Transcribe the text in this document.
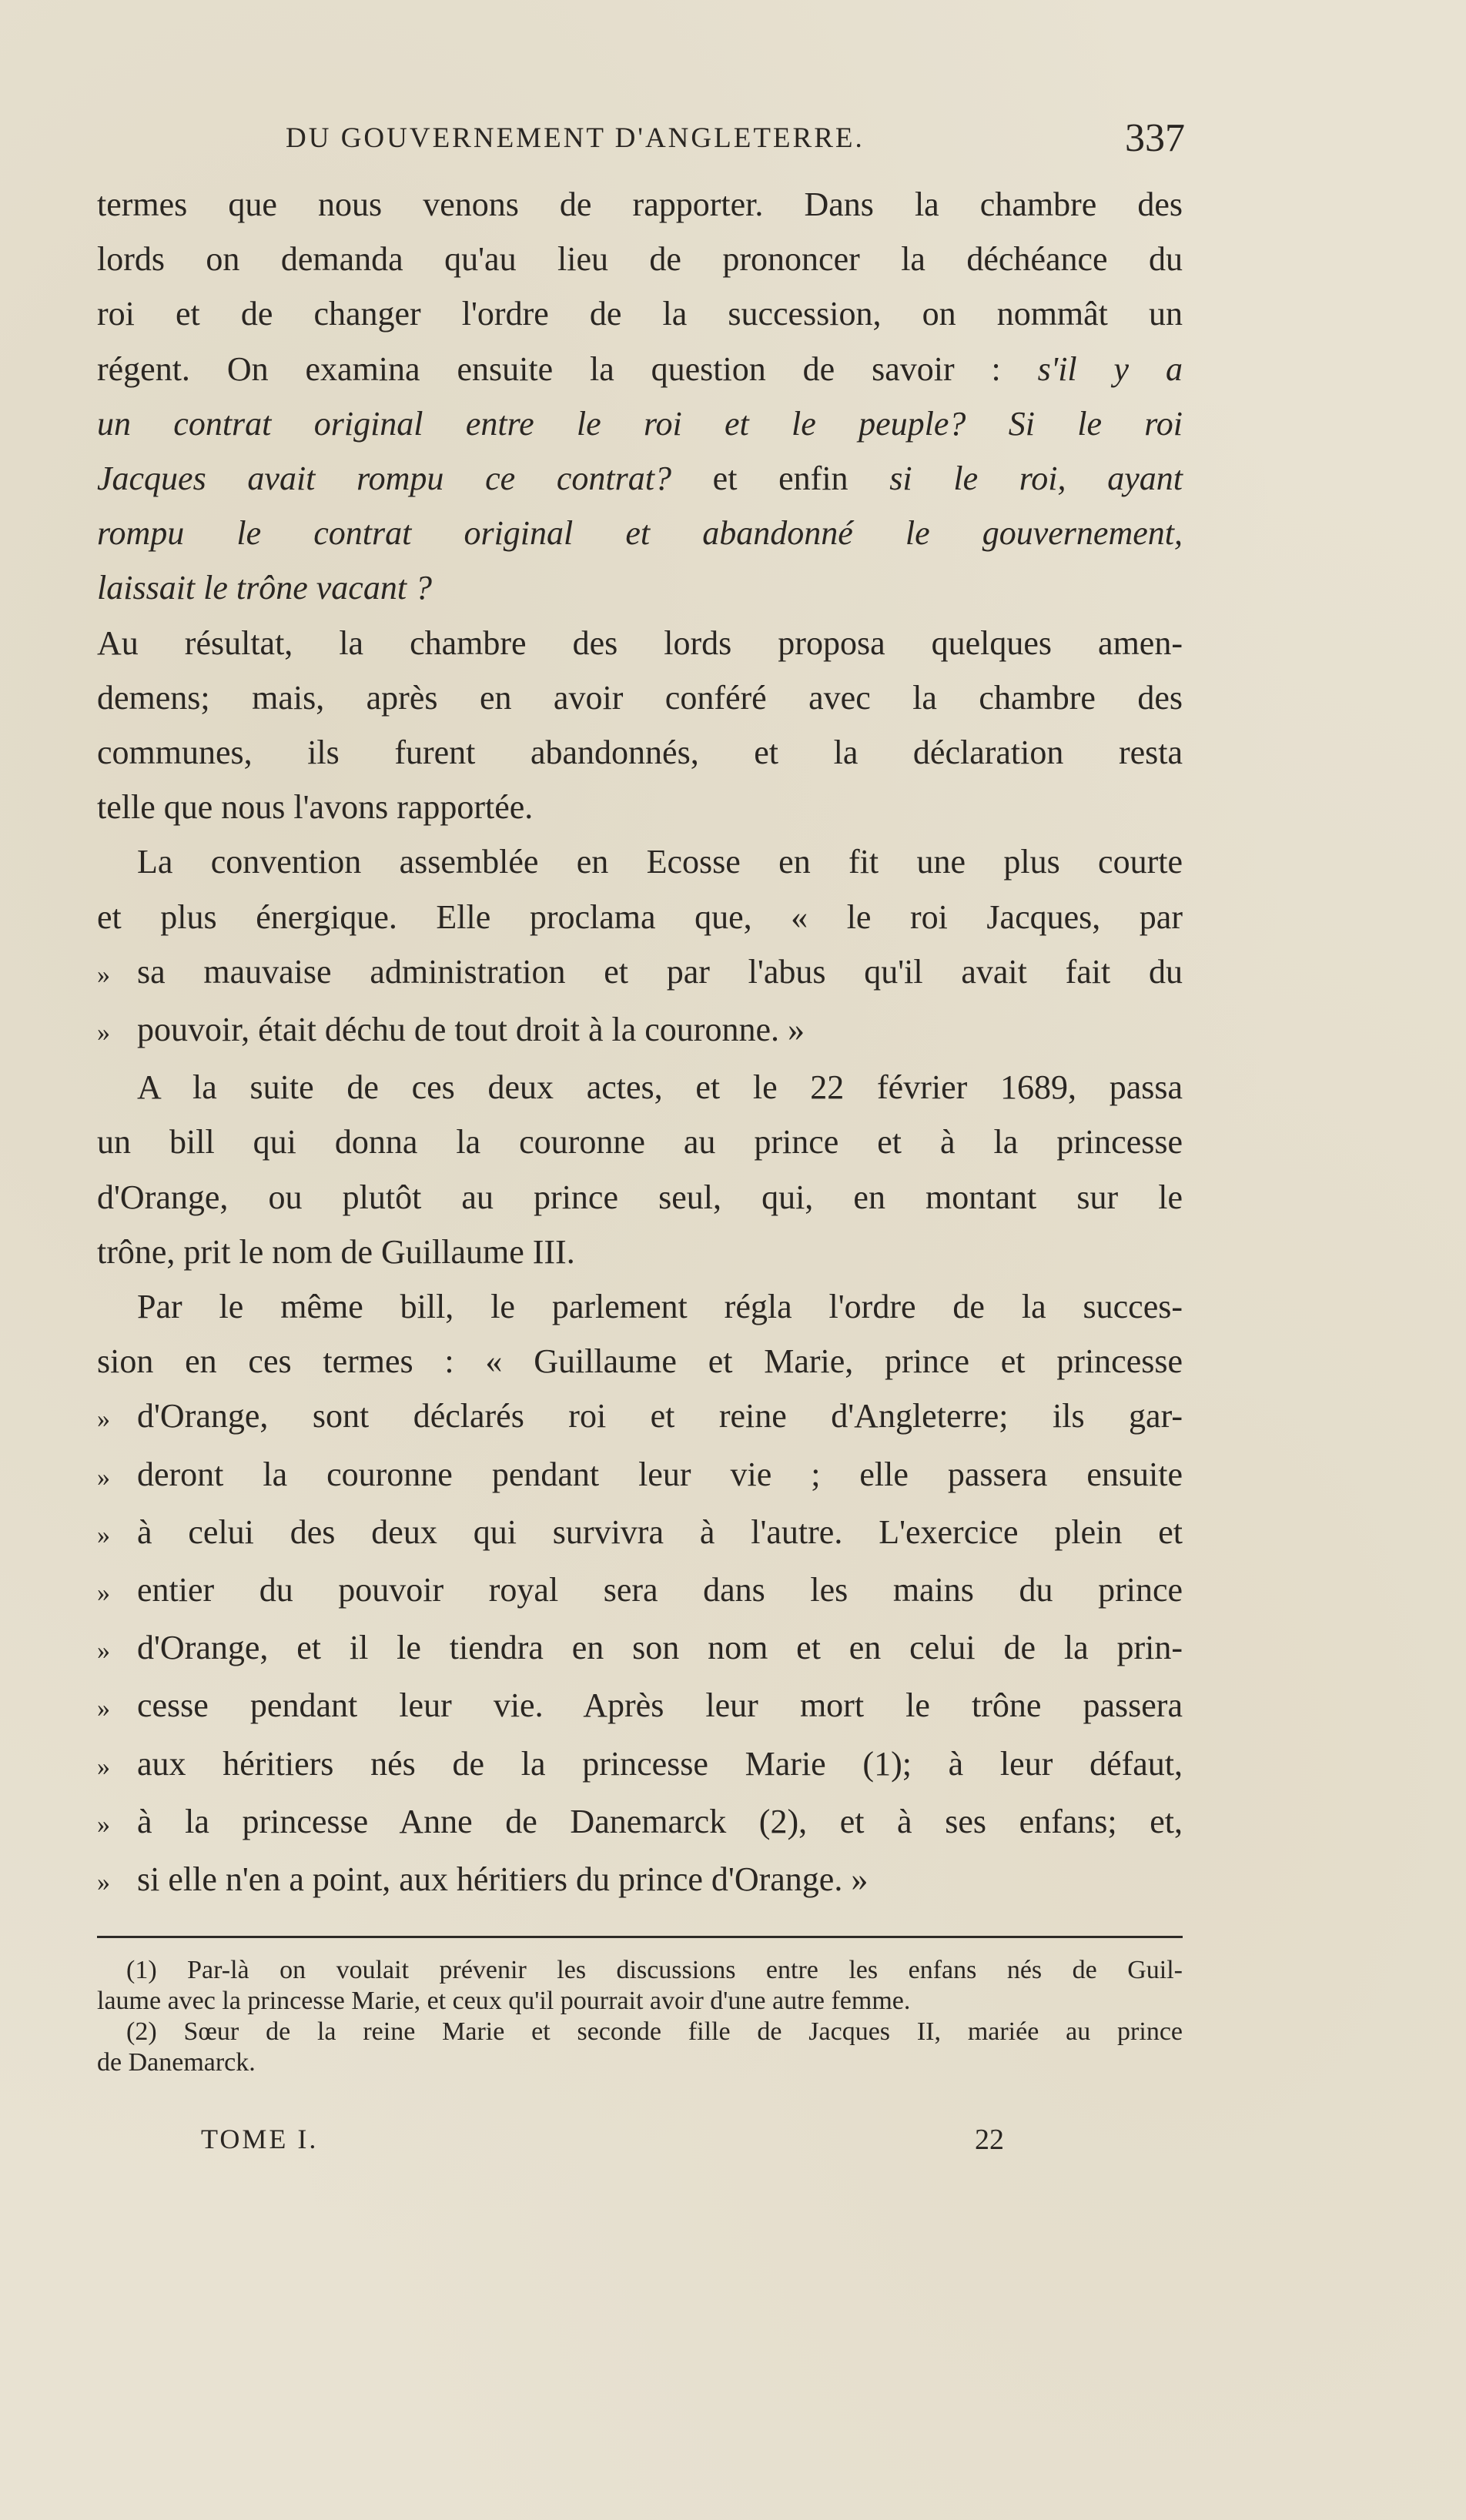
DU GOUVERNEMENT D'ANGLETERRE.	337

termes que nous venons de rapporter. Dans la chambre des
lords on demanda qu'au lieu de prononcer la déchéance du
roi et de changer l'ordre de la succession, on nommât un
régent. On examina ensuite la question de savoir : s'il y a
un contrat original entre le roi et le peuple? Si le roi
Jacques avait rompu ce contrat? et enfin si le roi, ayant
rompu le contrat original et abandonné le gouvernement,
laissait le trône vacant ?

Au résultat, la chambre des lords proposa quelques amen-
demens; mais, après en avoir conféré avec la chambre des
communes, ils furent abandonnés, et la déclaration resta
telle que nous l'avons rapportée.

La convention assemblée en Ecosse en fit une plus courte
et plus énergique. Elle proclama que, « le roi Jacques, par
» sa mauvaise administration et par l'abus qu'il avait fait du
» pouvoir, était déchu de tout droit à la couronne. »

A la suite de ces deux actes, et le 22 février 1689, passa
un bill qui donna la couronne au prince et à la princesse
d'Orange, ou plutôt au prince seul, qui, en montant sur le
trône, prit le nom de Guillaume III.

Par le même bill, le parlement régla l'ordre de la succes-
sion en ces termes : « Guillaume et Marie, prince et princesse
» d'Orange, sont déclarés roi et reine d'Angleterre; ils gar-
» deront la couronne pendant leur vie ; elle passera ensuite
» à celui des deux qui survivra à l'autre. L'exercice plein et
» entier du pouvoir royal sera dans les mains du prince
» d'Orange, et il le tiendra en son nom et en celui de la prin-
» cesse pendant leur vie. Après leur mort le trône passera
» aux héritiers nés de la princesse Marie (1); à leur défaut,
» à la princesse Anne de Danemarck (2), et à ses enfans; et,
» si elle n'en a point, aux héritiers du prince d'Orange. »

(1) Par-là on voulait prévenir les discussions entre les enfans nés de Guil-
laume avec la princesse Marie, et ceux qu'il pourrait avoir d'une autre femme.
(2) Sœur de la reine Marie et seconde fille de Jacques II, mariée au prince
de Danemarck.
TOME I.	22
